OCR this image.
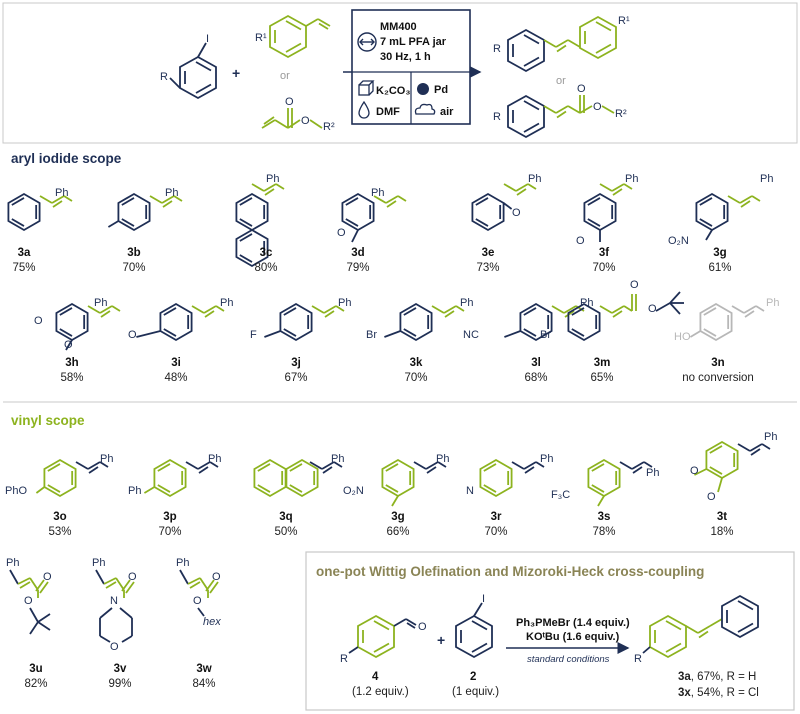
I
R	+
R¹
or
O
O R²
MM400
7 mL PFA jar
30 Hz, 1 h
K₂CO₃ Pd
DMF	air
R
R¹
or
R
O
O
R²
aryl iodide scope
vinyl scope
Ph	Ph
Ph
Ph
O
Ph
O
Ph
O
Ph
O₂N
Ph
O
O
Ph
O
Ph
F
Ph
Br
Ph
NC	Br
O
O	Ph
HO
Ph
PhO
Ph
Ph
Ph	Ph
O₂N
Ph
N
Ph
F₃C
Ph
O
O
Ph
O
O
Ph
O
N
O
Ph
O
O
hex
3a
75%
3b
70%
3c
80%
3d
79%
3e
73%
3f
70%
3g
61%
3h
58%
3i
48%
3j
67%
3k
70%
3l
68%
3m
65%
3n
no conversion
3o
53%
3p
70%
3q
50%
3g
66%
3r
70%
3s
78%
3t
18%
3u
82%
3v
99%
3w
84%
one-pot Wittig Olefination and Mizoroki-Heck cross-coupling
O
R
4
(1.2 equiv.)
+
I
2
(1 equiv.)
Ph₃PMeBr (1.4 equiv.)
KOᵗBu (1.6 equiv.)
standard conditions R
3a, 67%, R = H
3x, 54%, R = Cl
